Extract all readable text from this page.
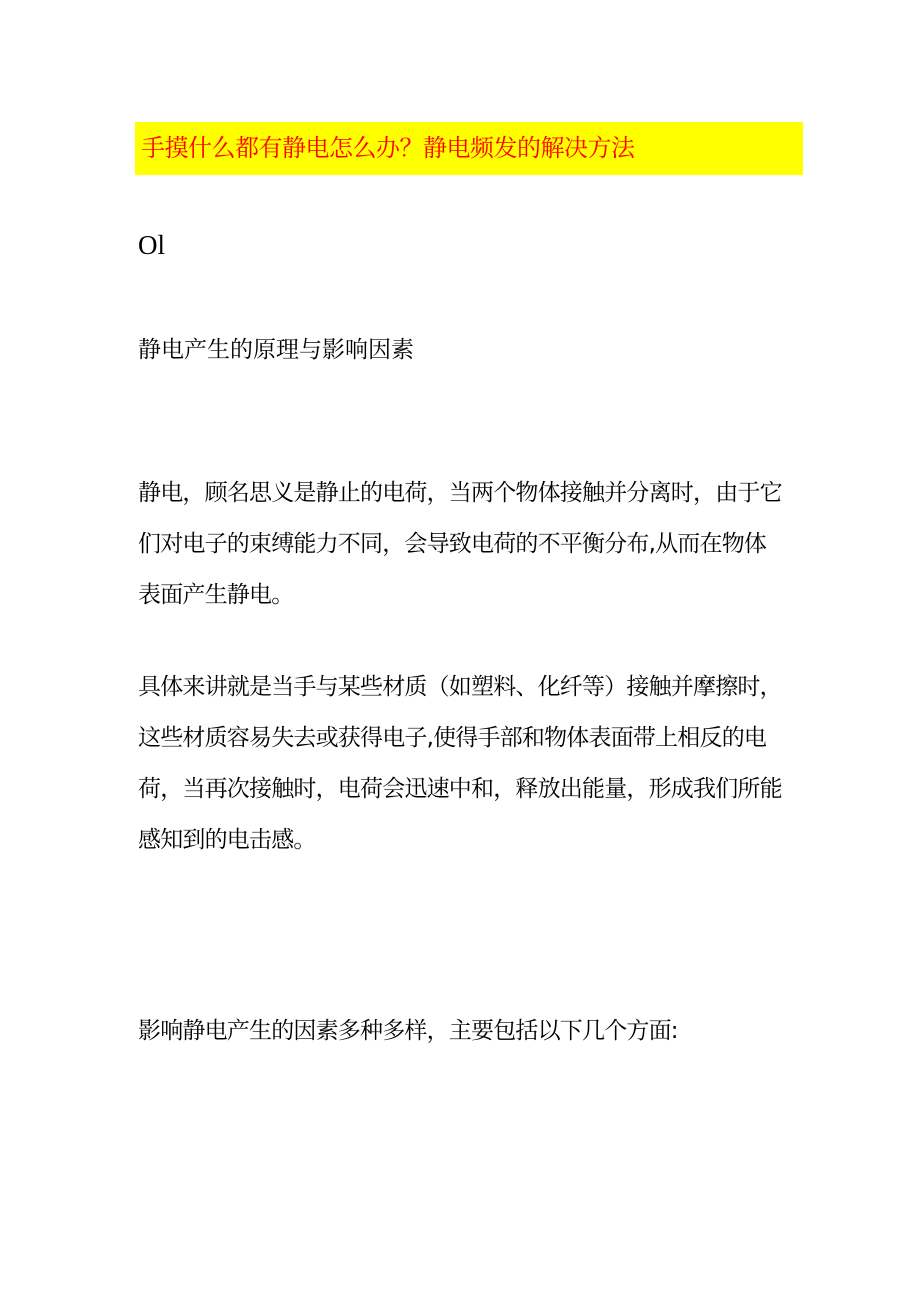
手摸什么都有静电怎么办？静电频发的解决方法
Ol
静电产生的原理与影响因素
静电，顾名思义是静止的电荷，当两个物体接触并分离时，由于它
们对电子的束缚能力不同，会导致电荷的不平衡分布,从而在物体
表面产生静电。
具体来讲就是当手与某些材质（如塑料、化纤等）接触并摩擦时，
这些材质容易失去或获得电子,使得手部和物体表面带上相反的电
荷，当再次接触时，电荷会迅速中和，释放出能量，形成我们所能
感知到的电击感。
影响静电产生的因素多种多样，主要包括以下几个方面:
